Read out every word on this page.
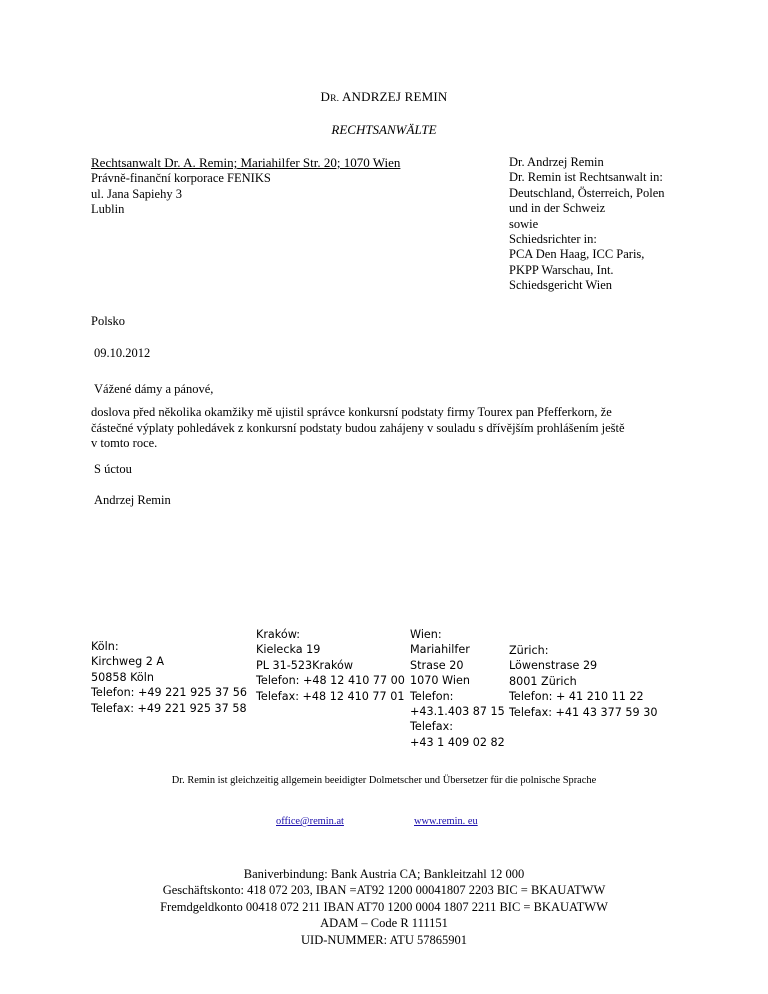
DR. ANDRZEJ REMIN
RECHTSANWÄLTE
Rechtsanwalt Dr. A. Remin; Mariahilfer Str. 20; 1070 Wien
Právně-finanční korporace FENIKS
ul. Jana Sapiehy 3
Lublin
Dr. Andrzej Remin
Dr. Remin ist Rechtsanwalt in:
Deutschland, Österreich, Polen
und in der Schweiz
sowie
Schiedsrichter in:
PCA Den Haag, ICC Paris,
PKPP Warschau, Int.
Schiedsgericht Wien
Polsko
09.10.2012
Vážené dámy a pánové,
doslova před několika okamžiky mě ujistil správce konkursní podstaty firmy Tourex pan Pfefferkorn, že
částečné výplaty pohledávek z konkursní podstaty budou zahájeny v souladu s dřívějším prohlášením ještě
v tomto roce.
S úctou
Andrzej Remin
Köln:
Kirchweg 2 A
50858 Köln
Telefon: +49 221 925 37 56
Telefax: +49 221 925 37 58
Kraków:
Kielecka 19
PL 31-523Kraków
Telefon: +48 12 410 77 00
Telefax: +48 12 410 77 01
Wien:
Mariahilfer
Strase 20
1070 Wien
Telefon:
+43.1.403 87 15
Telefax:
+43 1 409 02 82
Zürich:
Löwenstrase 29
8001 Zürich
Telefon: + 41 210 11 22
Telefax: +41 43 377 59 30
Dr. Remin ist gleichzeitig allgemein beeidigter Dolmetscher und Übersetzer für die polnische Sprache
office@remin.at	www.remin. eu
Baniverbindung: Bank Austria CA; Bankleitzahl 12 000
Geschäftskonto: 418 072 203, IBAN =AT92 1200 00041807 2203 BIC = BKAUATWW
Fremdgeldkonto 00418 072 211 IBAN AT70 1200 0004 1807 2211 BIC = BKAUATWW
ADAM – Code R 111151
UID-NUMMER: ATU 57865901
